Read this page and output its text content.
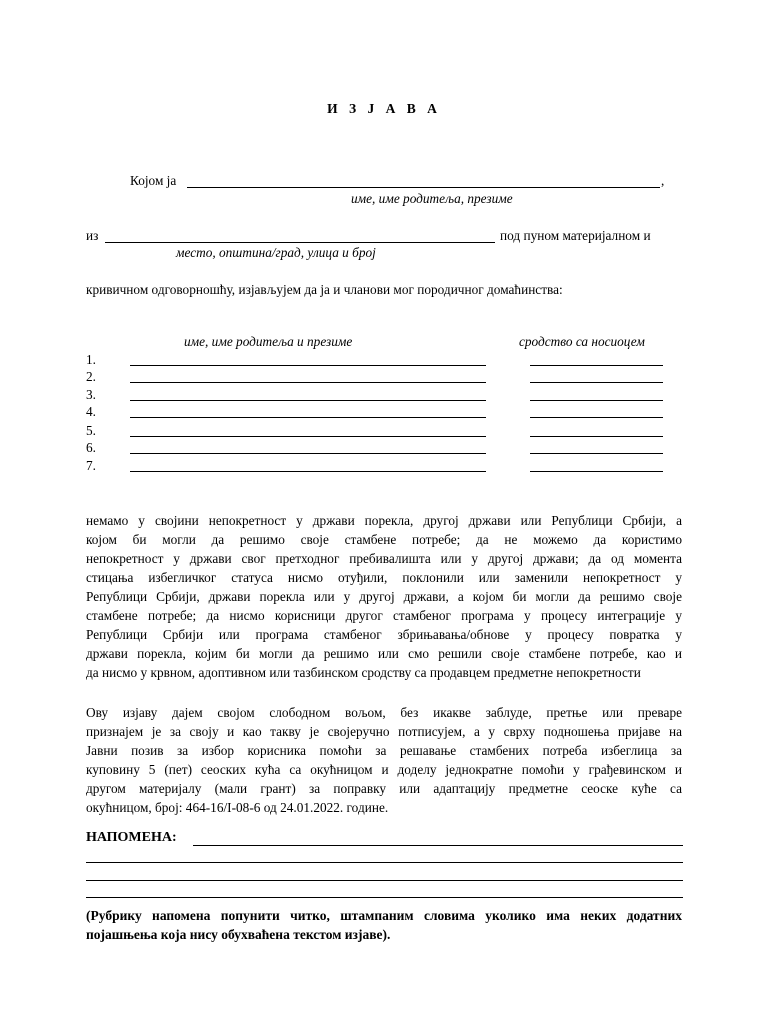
И З Ј А В А
Којом ја	,
име, име родитеља, презиме
из	под пуном материјалном и
место, општина/град, улица и број
кривичном одговорношћу, изјављујем да ја и чланови мог породичног домаћинства:
име, име родитеља и презиме	сродство са носиоцем
1.
2.
3.
4.
5.
6.
7.
немамо у својини непокретност у држави порекла, другој држави или Републици Србији, а
којом би могли да решимо своје стамбене потребе; да не можемо да користимо
непокретност у држави свог претходног пребивалишта или у другој држави; да од момента
стицања избегличког статуса нисмо отуђили, поклонили или заменили непокретност у
Републици Србији, држави порекла или у другој држави, а којом би могли да решимо своје
стамбене потребе; да нисмо корисници другог стамбеног програма у процесу интеграције у
Републици Србији или програма стамбеног збрињавања/обнове у процесу повратка у
држави порекла, којим би могли да решимо или смо решили своје стамбене потребе, као и
да нисмо у крвном, адоптивном или тазбинском сродству са продавцем предметне непокретности
Ову изјаву дајем својом слободном вољом, без икакве заблуде, претње или преваре
признајем је за своју и као такву је својеручно потписујем, а у сврху подношења пријаве на
Јавни позив за избор корисника помоћи за решавање стамбених потреба избеглица за
куповину 5 (пет) сеоских кућа са окућницом и доделу једнократне помоћи у грађевинском и
другом материјалу (мали грант) за поправку или адаптацију предметне сеоске куће са
окућницом, број: 464-16/I-08-6 од 24.01.2022. године.
НАПОМЕНА:
(Рубрику напомена попунити читко, штампаним словима уколико има неких додатних
појашњења која нису обухваћена текстом изјаве).
